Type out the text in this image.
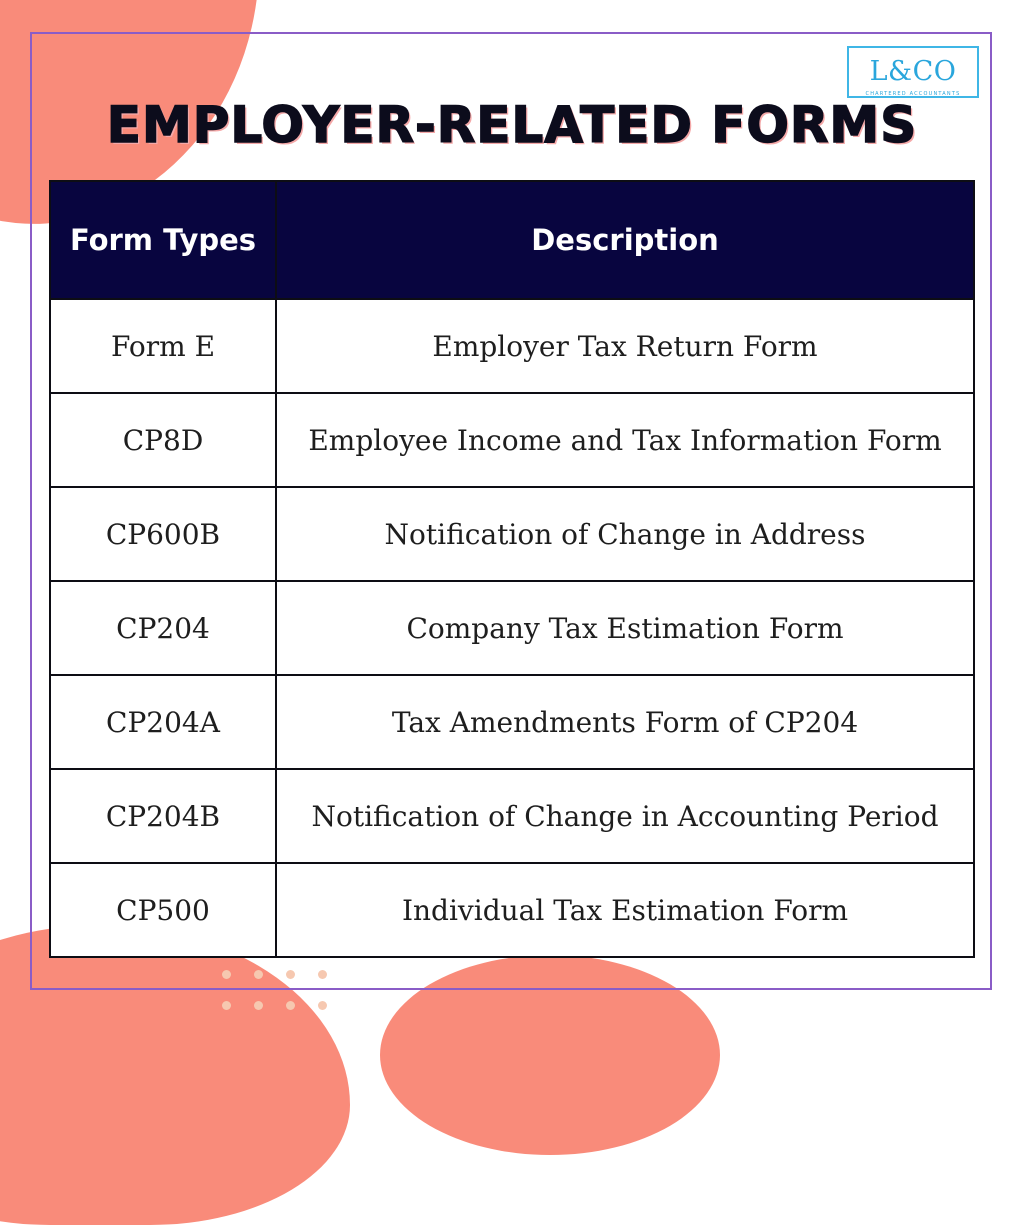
L&CO
CHARTERED ACCOUNTANTS
EMPLOYER-RELATED FORMS
Form Types	Description
Form E	Employer Tax Return Form
CP8D	Employee Income and Tax Information Form
CP600B	Notification of Change in Address
CP204	Company Tax Estimation Form
CP204A	Tax Amendments Form of CP204
CP204B	Notification of Change in Accounting Period
CP500	Individual Tax Estimation Form
